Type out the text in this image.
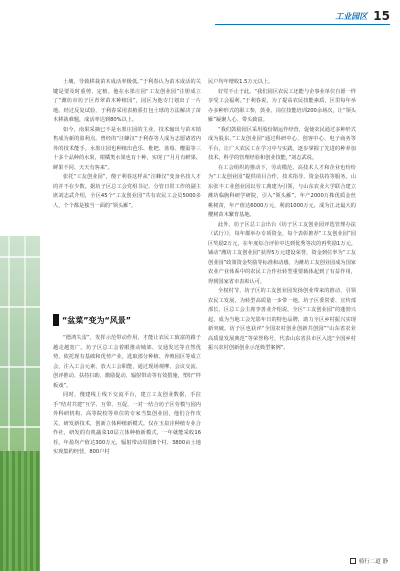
工业园区 15

土壤，导致移栽苗木成活率极低。”于利春认为苗木成活的关键是要及时重剪、定植。他在水墨庄园“工友创业园”注册成立了“潍坊市坊子区青翠苗木种植园”，园区为他专门划出了一片地。经过反复试验，于利春采用表植骄打包土球的方法解决了苗木移栽难题，成活率达到80%以上。

如今，南果采摘已不是水墨庄园的主业，技术输出与苗木销售成为新的盈利点。曾经的“汪蜂汉”于利春等人成为志愿诸省内外的技术能手。水墨庄园也种植出芭乐、枇杷、蓝莓、樱温等三十多个品种的水果，柑橘类水果也有十种，实现了“月月有鲜果、鲜果不同、天天有客来”。

张托“工友创业园”，傻子利春这样从“汪蜂汉”变身名技人才的并不在少数。据坊子区总工会党组书记、分管日常工作的副主席刘志武介绍，全区45个“工友创业园”共有农民工会员5000多人，个个都是独当一面的“领头雁”。

“盆菜”变为“风景”

“德鸿失雷”，发挥示范带动作用，才能让农民工致富的路子越走越宽广。坊子区总工会着眼推动城郊、交通发达等自然优势，依托现有基础和优势产业，选取部分种植、养殖园区等成立会，注入工会元素，放大工会职能，通过现场观摩、会议交流、创评推动、扶持扫助、激励促动、辐射带动等有效措施，塑好“样板戏”。

同时，傻建线上线下交流平台，建立工友创业数据，手拉手“结对共建”互学、互带、互促，一对一结合坊子区劳模与园内外科研机构、高等院校等单位的专家当集创业园，他们合作攻关，研发新技术，创新立体种植新模式。仅在玉泉洼种植专业合作社，研发的有机蔬菜10层立体种植新模式，一年就能采收16茬，年盈均产值达300万元，辐射带动周围8个村、3800亩土地实现集约经营，800户村

民户均年增收1.5万元以上。

好党不止于此。“我们园区农民工还能与企事业单位自愿一样享受工会福利。”于利春说，为了提高农民技能素质，区里每年举办多种形式的职工参，鼓业、岗位技能培训200余场次，让“领头雁”凝聚人心、带头致富。

“我们鼓励园区采用股份制运作经营，促使农民通过多种形式成为股东。”工友创业园“通过科研中心、创客中心、电子商务等平台，让广大农民工在学习中与实践，逐步掌握了先进的种养加技术，科学的管理经验和创业技能，”刘志武说。

在工会组织的推动下，劳动模范、高技术人才和企业也纷纷为“工友创业园”提供项目合作，技术指导、资金扶持等服务。山东张丰工业创业园以劳工典建为引领，与山东农业大学联合建立潍坊临朐科研学研院，引入“领头雁”。年产2000万株优质金丝桃树苗，年产值达6000万元，利润1000万元，成为江北最大的樱树苗木繁育基地。

此外，坊子区总工会出台《坊子区工友创业园评选管理办法（试行）》，每年都举办专项资金，每个表彰推荐“工友创业园”园区奖励2万元，在年度综合评价中达到优秀等次的再奖励1万元。铺动“潍坊工友创业园”获得5万元建设荣誉，资金到位率为“工友创业园”政策资金奖励等标准和动感，为潍坊工友创业园成为国家农业产业体系中的农民工合作社转型重要载体起到了有益作用，得到国家省市表彰认可。

全权村节，坊子区的工友创业园发扬创业带来的推动、引领农民工发展，为转型高质量一步带一地，坊子区委常委、宣传部部长、区总工会主席李善业介绍说，全区“工友创业园”的蓬勃兴起，成为当地工会光影年日的特色品牌，助力全区乡村振兴实现新突破。坊子区也获评“全国农村创业创新共创园”“山东省农业高质量发展典范”等荣誉称号，代表山东省县市区入选“全国乡村振兴农村创新创业示范典型案例”。

骑行二道 静
